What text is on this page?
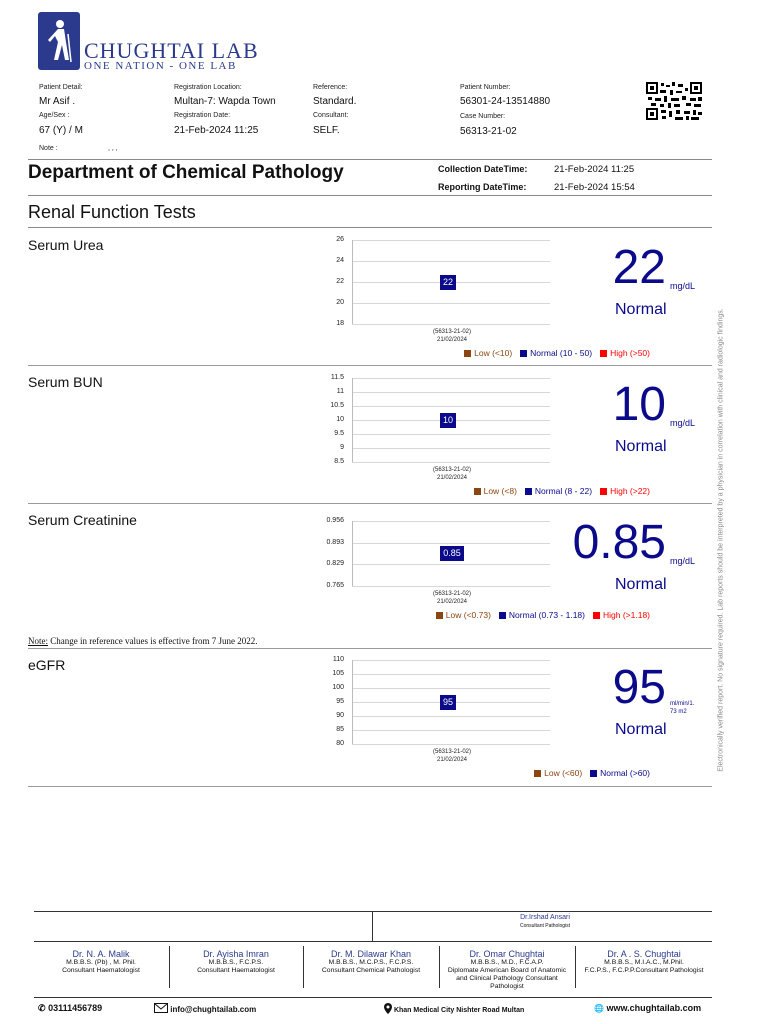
CHUGHTAI LAB
ONE NATION - ONE LAB
Patient Detail:
Mr Asif .
Age/Sex :
67 (Y) / M
Note :	, , ,
Registration Location:
Multan-7: Wapda Town
Registration Date:
21-Feb-2024 11:25
Reference:
Standard.
Consultant:
SELF.
Patient Number:
56301-24-13514880
Case Number:
56313-21-02
Department of Chemical Pathology	Collection DateTime:	21-Feb-2024 11:25
Reporting DateTime:	21-Feb-2024 15:54
Renal Function Tests
Serum Urea	26
24
22
20
18
22
(56313-21-02)
21/02/2024
Low (<10) Normal (10 - 50) High (>50)
22 mg/dL
Normal
Serum BUN	11.5
11
10.5
10
9.5
9
8.5
10
(56313-21-02)
21/02/2024
Low (<8) Normal (8 - 22) High (>22)
10 mg/dL
Normal
Serum Creatinine	0.956
0.893
0.829
0.765
0.85
(56313-21-02)
21/02/2024
Low (<0.73) Normal (0.73 - 1.18) High (>1.18)
0.85 mg/dL
Normal
eGFR	110
105
100
95
90
85
80
95
(56313-21-02)
21/02/2024
Low (<60) Normal (>60)
95 ml/min/1.
73 m2
Normal
Note: Change in reference values is effective from 7 June 2022.	Electronically verified report. No signature required. Lab reports should be interpreted by a physician in correlation with clinical and radiologic findings.
Dr.Irshad Ansari
Consultant Pathologist
Dr. N. A. Malik
M.B.B.S. (Pb) , M. Phil.
Consultant Haematologist
Dr. Ayisha Imran
M.B.B.S., F.C.P.S.
Consultant Haematologist
Dr. M. Dilawar Khan
M.B.B.S., M.C.P.S., F.C.P.S.
Consultant Chemical Pathologist
Dr. Omar Chughtai
M.B.B.S., M.D., F.C.A.P.
Diplomate American Board of Anatomic
and Clinical Pathology Consultant Pathologist
Dr. A . S. Chughtai
M.B.B.S., M.I.A.C., M.Phil.
F.C.P.S., F.C.P.P.Consultant Pathologist
✆ 03111456789	info@chughtailab.com	Khan Medical City Nishter Road Multan	🌐 www.chughtailab.com
